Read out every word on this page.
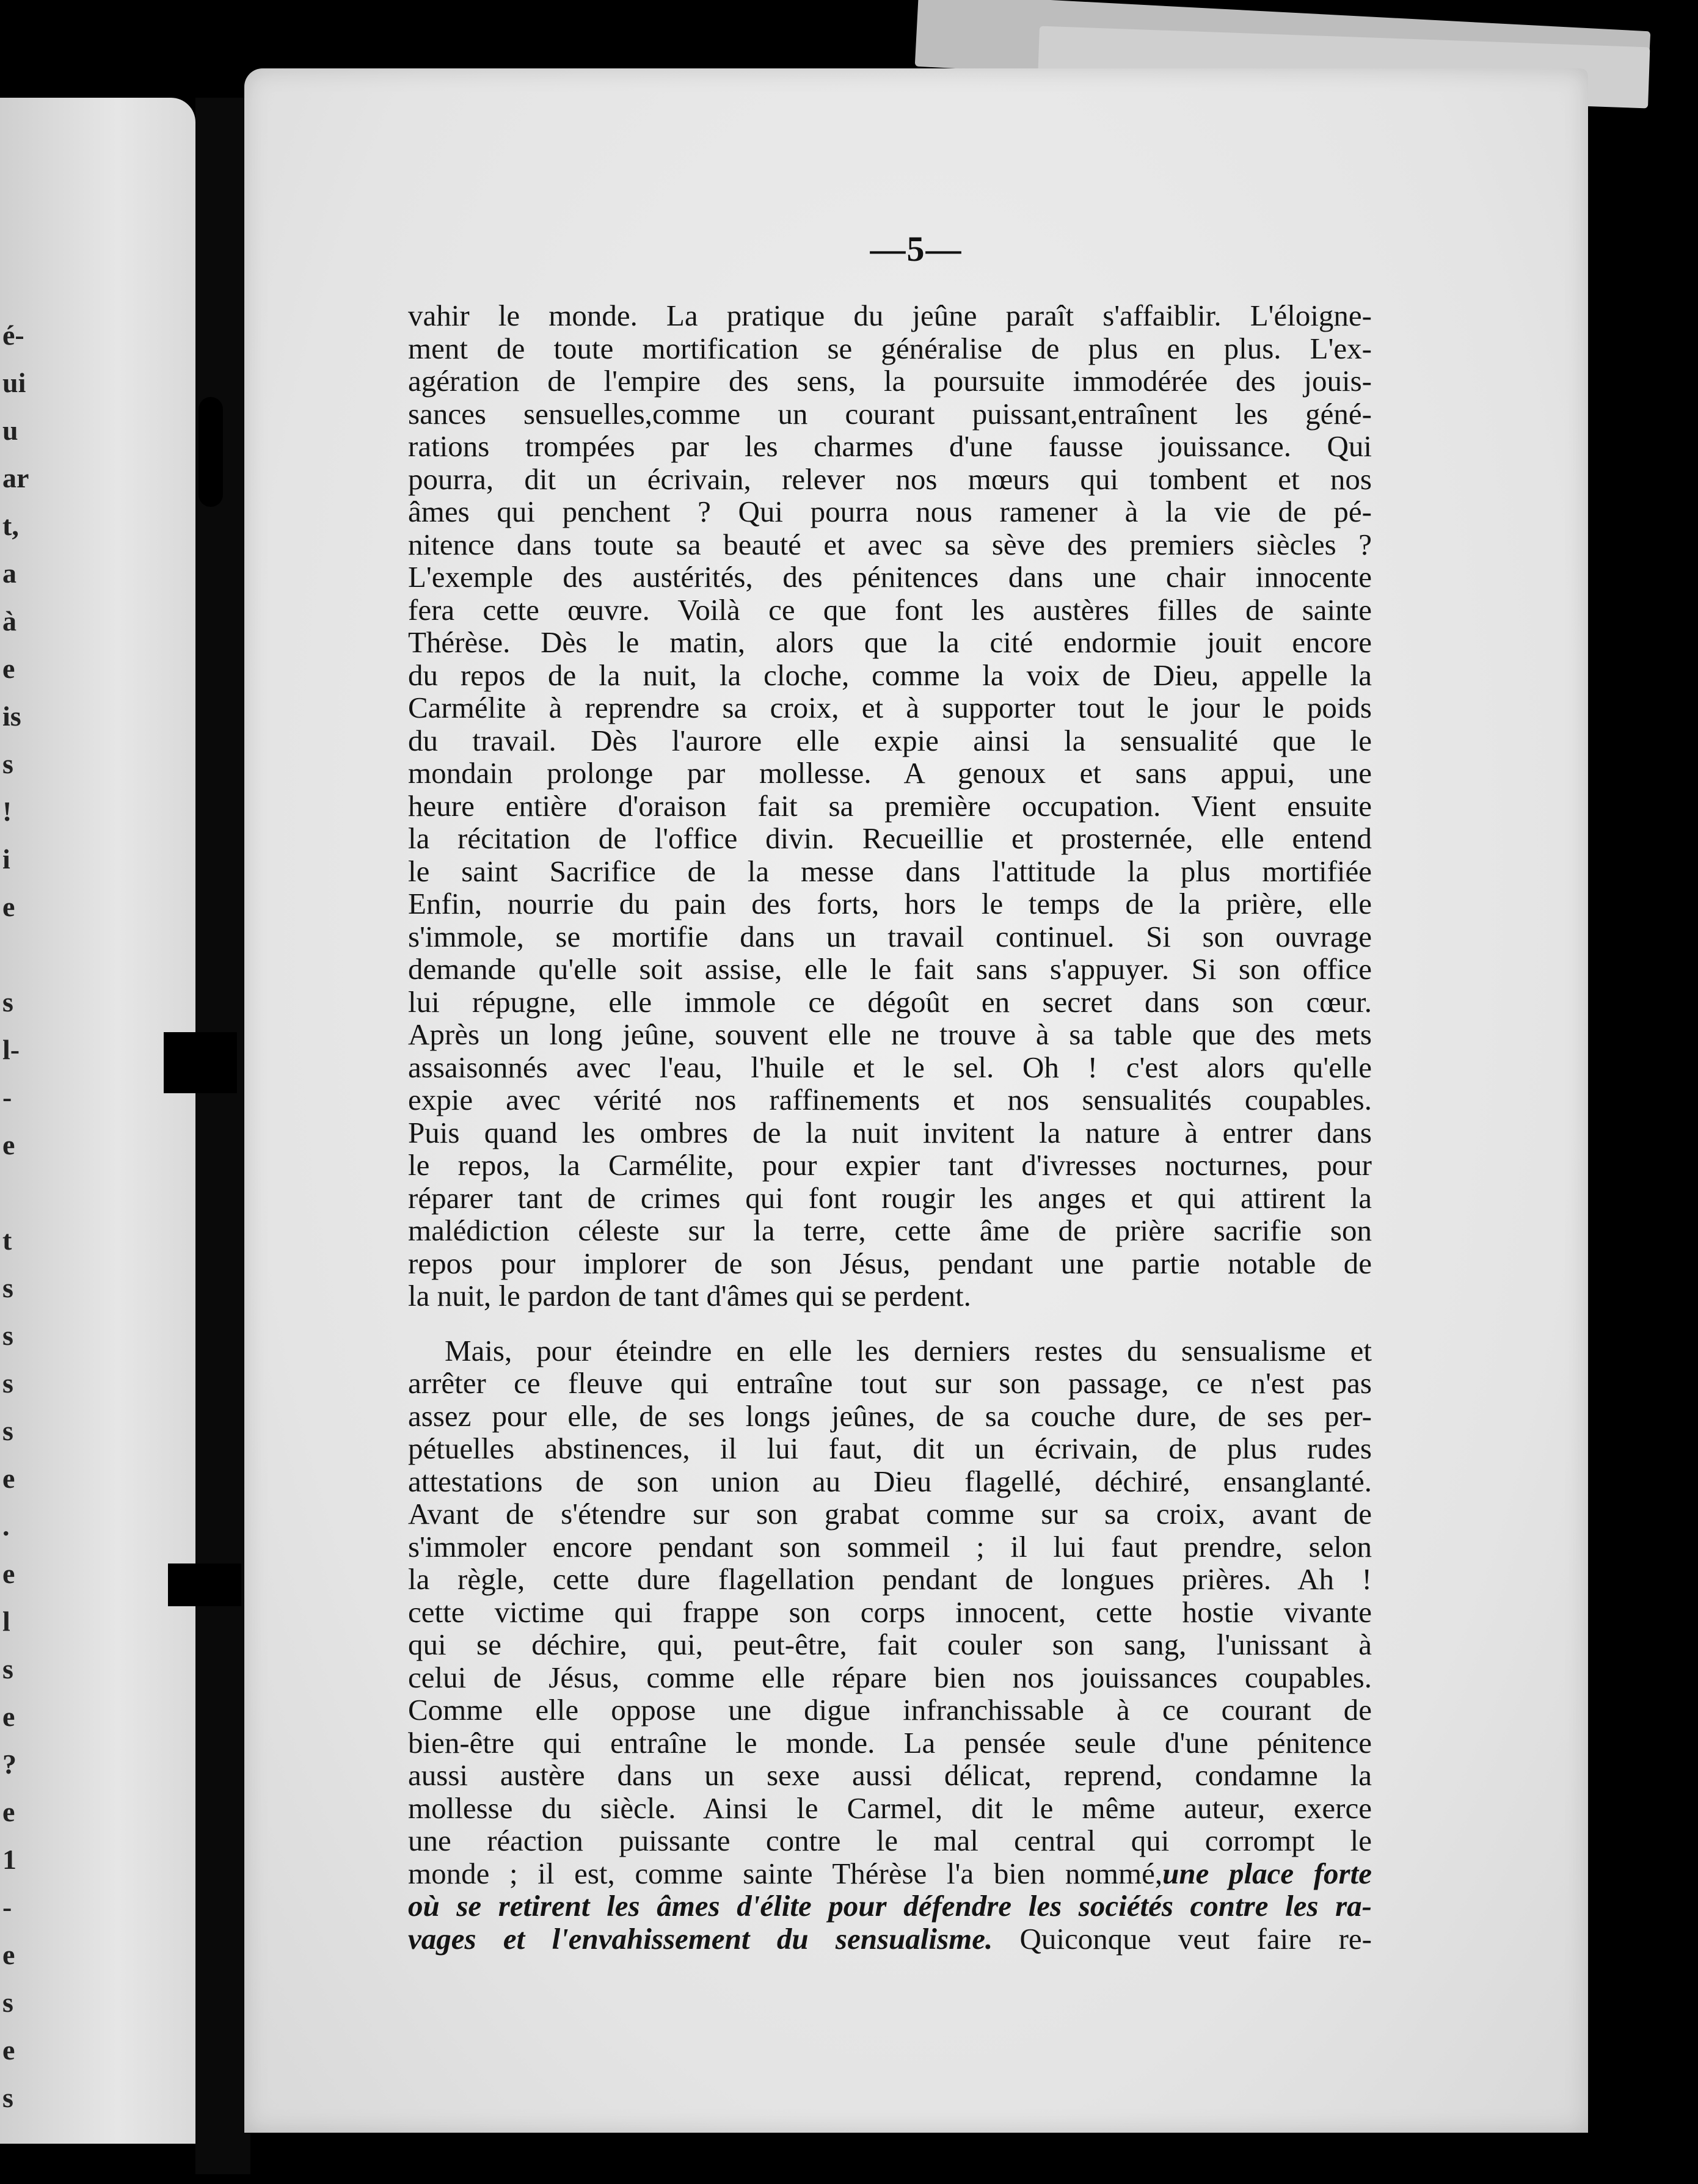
é-
ui
u
ar
t,
a
à
e
is
s
!
i
e
s
l-
-
e
t
s
s
s
s
e
.
e
l
s
e
?
e
1
-
e
s
e
s
—5—
vahir le monde. La pratique du jeûne paraît s'affaiblir. L'éloigne-
ment de toute mortification se généralise de plus en plus. L'ex-
agération de l'empire des sens, la poursuite immodérée des jouis-
sances sensuelles,comme un courant puissant,entraînent les géné-
rations trompées par les charmes d'une fausse jouissance. Qui
pourra, dit un écrivain, relever nos mœurs qui tombent et nos
âmes qui penchent ? Qui pourra nous ramener à la vie de pé-
nitence dans toute sa beauté et avec sa sève des premiers siècles ?
L'exemple des austérités, des pénitences dans une chair innocente
fera cette œuvre. Voilà ce que font les austères filles de sainte
Thérèse. Dès le matin, alors que la cité endormie jouit encore
du repos de la nuit, la cloche, comme la voix de Dieu, appelle la
Carmélite à reprendre sa croix, et à supporter tout le jour le poids
du travail. Dès l'aurore elle expie ainsi la sensualité que le
mondain prolonge par mollesse. A genoux et sans appui, une
heure entière d'oraison fait sa première occupation. Vient ensuite
la récitation de l'office divin. Recueillie et prosternée, elle entend
le saint Sacrifice de la messe dans l'attitude la plus mortifiée
Enfin, nourrie du pain des forts, hors le temps de la prière, elle
s'immole, se mortifie dans un travail continuel. Si son ouvrage
demande qu'elle soit assise, elle le fait sans s'appuyer. Si son office
lui répugne, elle immole ce dégoût en secret dans son cœur.
Après un long jeûne, souvent elle ne trouve à sa table que des mets
assaisonnés avec l'eau, l'huile et le sel. Oh ! c'est alors qu'elle
expie avec vérité nos raffinements et nos sensualités coupables.
Puis quand les ombres de la nuit invitent la nature à entrer dans
le repos, la Carmélite, pour expier tant d'ivresses nocturnes, pour
réparer tant de crimes qui font rougir les anges et qui attirent la
malédiction céleste sur la terre, cette âme de prière sacrifie son
repos pour implorer de son Jésus, pendant une partie notable de
la nuit, le pardon de tant d'âmes qui se perdent.
Mais, pour éteindre en elle les derniers restes du sensualisme et
arrêter ce fleuve qui entraîne tout sur son passage, ce n'est pas
assez pour elle, de ses longs jeûnes, de sa couche dure, de ses per-
pétuelles abstinences, il lui faut, dit un écrivain, de plus rudes
attestations de son union au Dieu flagellé, déchiré, ensanglanté.
Avant de s'étendre sur son grabat comme sur sa croix, avant de
s'immoler encore pendant son sommeil ; il lui faut prendre, selon
la règle, cette dure flagellation pendant de longues prières. Ah !
cette victime qui frappe son corps innocent, cette hostie vivante
qui se déchire, qui, peut-être, fait couler son sang, l'unissant à
celui de Jésus, comme elle répare bien nos jouissances coupables.
Comme elle oppose une digue infranchissable à ce courant de
bien-être qui entraîne le monde. La pensée seule d'une pénitence
aussi austère dans un sexe aussi délicat, reprend, condamne la
mollesse du siècle. Ainsi le Carmel, dit le même auteur, exerce
une réaction puissante contre le mal central qui corrompt le
monde ; il est, comme sainte Thérèse l'a bien nommé,une place forte
où se retirent les âmes d'élite pour défendre les sociétés contre les ra-
vages et l'envahissement du sensualisme. Quiconque veut faire re-
